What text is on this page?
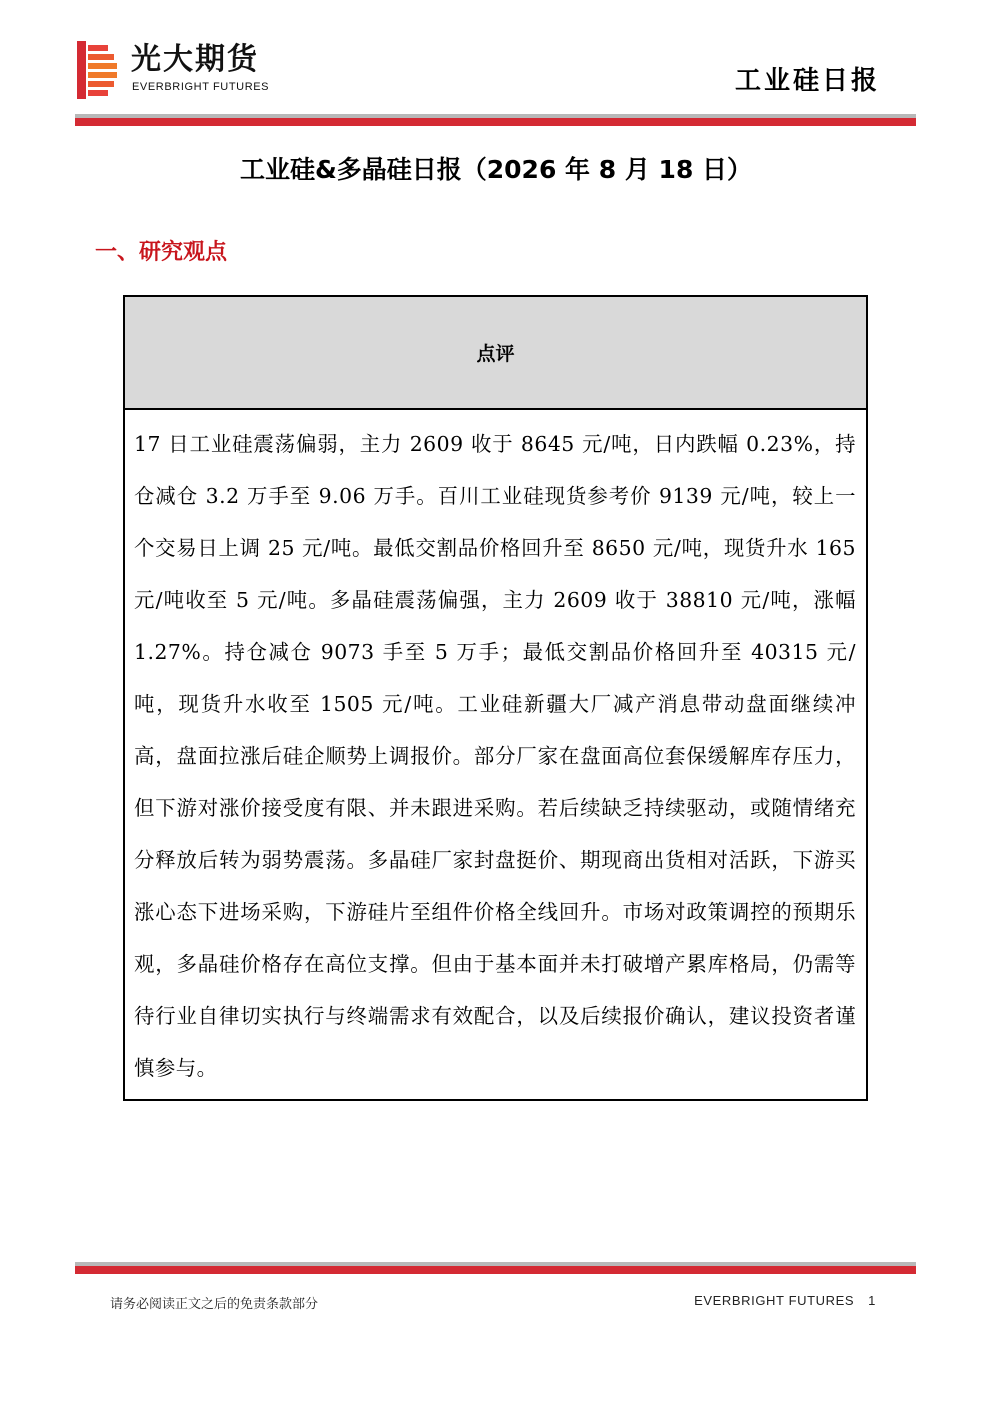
光大期货
EVERBRIGHT FUTURES	工业硅日报
工业硅&多晶硅日报（2026 年 8 月 18 日）
一、研究观点
点评
17 日工业硅震荡偏弱，主力 2609 收于 8645 元/吨，日内跌幅 0.23%，持仓减仓 3.2 万手至 9.06 万手。百川工业硅现货参考价 9139 元/吨，较上一个交易日上调 25 元/吨。最低交割品价格回升至 8650 元/吨，现货升水 165 元/吨收至 5 元/吨。多晶硅震荡偏强，主力 2609 收于 38810 元/吨，涨幅 1.27%。持仓减仓 9073 手至 5 万手；最低交割品价格回升至 40315 元/吨，现货升水收至 1505 元/吨。工业硅新疆大厂减产消息带动盘面继续冲高，盘面拉涨后硅企顺势上调报价。部分厂家在盘面高位套保缓解库存压力，但下游对涨价接受度有限、并未跟进采购。若后续缺乏持续驱动，或随情绪充分释放后转为弱势震荡。多晶硅厂家封盘挺价、期现商出货相对活跃，下游买涨心态下进场采购，下游硅片至组件价格全线回升。市场对政策调控的预期乐观，多晶硅价格存在高位支撑。但由于基本面并未打破增产累库格局，仍需等待行业自律切实执行与终端需求有效配合，以及后续报价确认，建议投资者谨慎参与。
请务必阅读正文之后的免责条款部分	EVERBRIGHT FUTURES 1
